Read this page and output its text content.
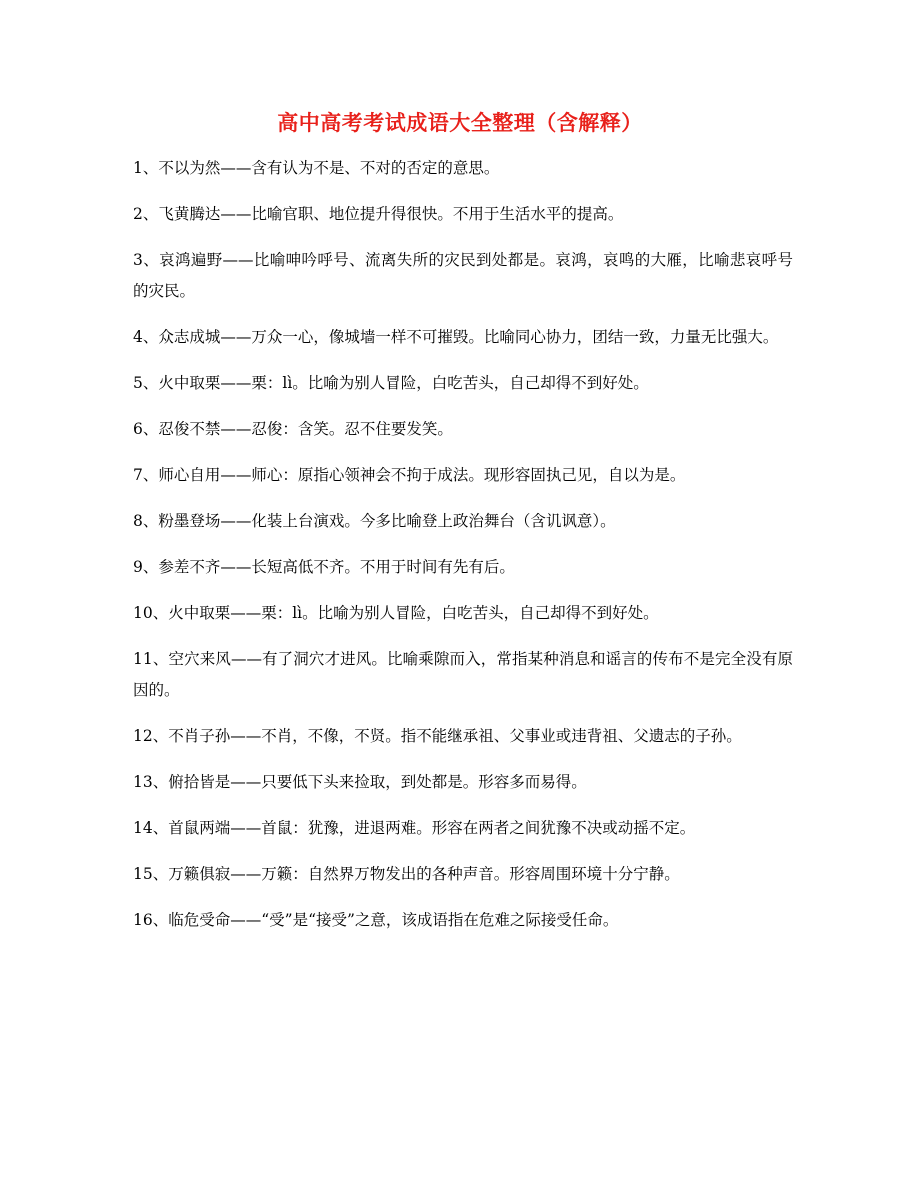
高中高考考试成语大全整理（含解释）
1、不以为然——含有认为不是、不对的否定的意思。
2、飞黄腾达——比喻官职、地位提升得很快。不用于生活水平的提高。
3、哀鸿遍野——比喻呻吟呼号、流离失所的灾民到处都是。哀鸿，哀鸣的大雁，比喻悲哀呼号的灾民。
4、众志成城——万众一心，像城墙一样不可摧毁。比喻同心协力，团结一致，力量无比强大。
5、火中取栗——栗：lì。比喻为别人冒险，白吃苦头，自己却得不到好处。
6、忍俊不禁——忍俊：含笑。忍不住要发笑。
7、师心自用——师心：原指心领神会不拘于成法。现形容固执己见，自以为是。
8、粉墨登场——化装上台演戏。今多比喻登上政治舞台（含讥讽意）。
9、参差不齐——长短高低不齐。不用于时间有先有后。
10、火中取栗——栗：lì。比喻为别人冒险，白吃苦头，自己却得不到好处。
11、空穴来风——有了洞穴才进风。比喻乘隙而入，常指某种消息和谣言的传布不是完全没有原因的。
12、不肖子孙——不肖，不像，不贤。指不能继承祖、父事业或违背祖、父遗志的子孙。
13、俯拾皆是——只要低下头来捡取，到处都是。形容多而易得。
14、首鼠两端——首鼠：犹豫，进退两难。形容在两者之间犹豫不决或动摇不定。
15、万籁俱寂——万籁：自然界万物发出的各种声音。形容周围环境十分宁静。
16、临危受命——“受”是“接受”之意，该成语指在危难之际接受任命。
